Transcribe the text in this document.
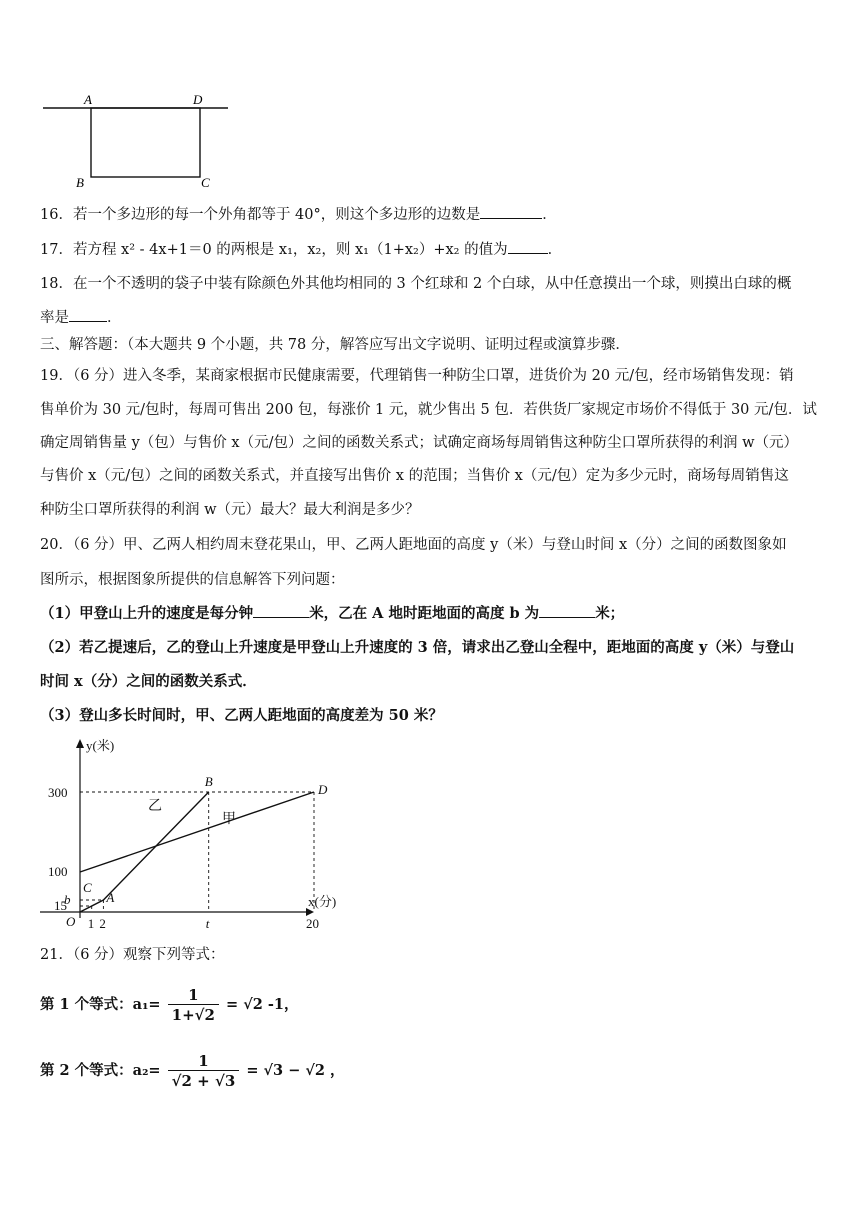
A	D
B	C
16．若一个多边形的每一个外角都等于 40°，则这个多边形的边数是	．
17．若方程 x² - 4x+1＝0 的两根是 x₁，x₂，则 x₁（1+x₂）+x₂ 的值为	．
18．在一个不透明的袋子中装有除颜色外其他均相同的 3 个红球和 2 个白球，从中任意摸出一个球，则摸出白球的概
率是	．
三、解答题：（本大题共 9 个小题，共 78 分，解答应写出文字说明、证明过程或演算步骤．
19．（6 分）进入冬季，某商家根据市民健康需要，代理销售一种防尘口罩，进货价为 20 元/包，经市场销售发现：销
售单价为 30 元/包时，每周可售出 200 包，每涨价 1 元，就少售出 5 包．若供货厂家规定市场价不得低于 30 元/包．试
确定周销售量 y（包）与售价 x（元/包）之间的函数关系式；试确定商场每周销售这种防尘口罩所获得的利润 w（元）
与售价 x（元/包）之间的函数关系式，并直接写出售价 x 的范围；当售价 x（元/包）定为多少元时，商场每周销售这
种防尘口罩所获得的利润 w（元）最大？最大利润是多少？
20．（6 分）甲、乙两人相约周末登花果山，甲、乙两人距地面的高度 y（米）与登山时间 x（分）之间的函数图象如
图所示，根据图象所提供的信息解答下列问题：
（1）甲登山上升的速度是每分钟	米，乙在 A 地时距地面的高度 b 为	米；
（2）若乙提速后，乙的登山上升速度是甲登山上升速度的 3 倍，请求出乙登山全程中，距地面的高度 y（米）与登山
时间 x（分）之间的函数关系式．
（3）登山多长时间时，甲、乙两人距地面的高度差为 50 米？
x(分)
y(米)
甲
乙
1 2	t	20
15
b
100
300
O
A
B
C
D
21．（6 分）观察下列等式：
第 1 个等式：$a_1= \frac{1}{1+√2} = √2$ -1，
第 2 个等式：$a_2= \frac{1}{√2 + √3} = √3 - √2$ ，
